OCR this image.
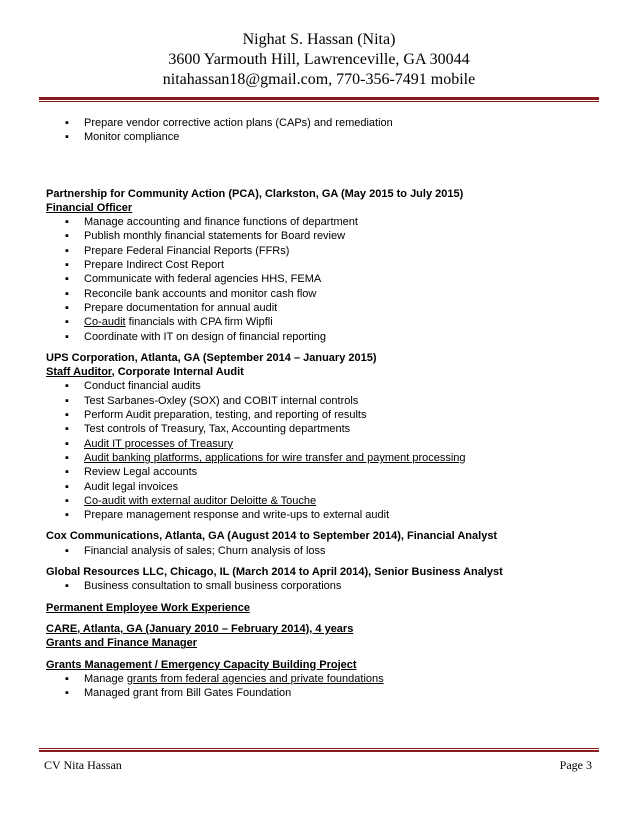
Nighat S. Hassan (Nita)
3600 Yarmouth Hill, Lawrenceville, GA 30044
nitahassan18@gmail.com, 770-356-7491 mobile
▪ Prepare vendor corrective action plans (CAPs) and remediation
▪ Monitor compliance
Partnership for Community Action (PCA), Clarkston, GA (May 2015 to July 2015)
Financial Officer
▪ Manage accounting and finance functions of department
▪ Publish monthly financial statements for Board review
▪ Prepare Federal Financial Reports (FFRs)
▪ Prepare Indirect Cost Report
▪ Communicate with federal agencies HHS, FEMA
▪ Reconcile bank accounts and monitor cash flow
▪ Prepare documentation for annual audit
▪ Co-audit financials with CPA firm Wipfli
▪ Coordinate with IT on design of financial reporting
UPS Corporation, Atlanta, GA (September 2014 – January 2015)
Staff Auditor, Corporate Internal Audit
▪ Conduct financial audits
▪ Test Sarbanes-Oxley (SOX) and COBIT internal controls
▪ Perform Audit preparation, testing, and reporting of results
▪ Test controls of Treasury, Tax, Accounting departments
▪ Audit IT processes of Treasury
▪ Audit banking platforms, applications for wire transfer and payment processing
▪ Review Legal accounts
▪ Audit legal invoices
▪ Co-audit with external auditor Deloitte & Touche
▪ Prepare management response and write-ups to external audit
Cox Communications, Atlanta, GA (August 2014 to September 2014), Financial Analyst
▪ Financial analysis of sales; Churn analysis of loss
Global Resources LLC, Chicago, IL (March 2014 to April 2014), Senior Business Analyst
▪ Business consultation to small business corporations
Permanent Employee Work Experience
CARE, Atlanta, GA (January 2010 – February 2014), 4 years
Grants and Finance Manager
Grants Management / Emergency Capacity Building Project
▪ Manage grants from federal agencies and private foundations
▪ Managed grant from Bill Gates Foundation
CV Nita Hassan	Page 3
